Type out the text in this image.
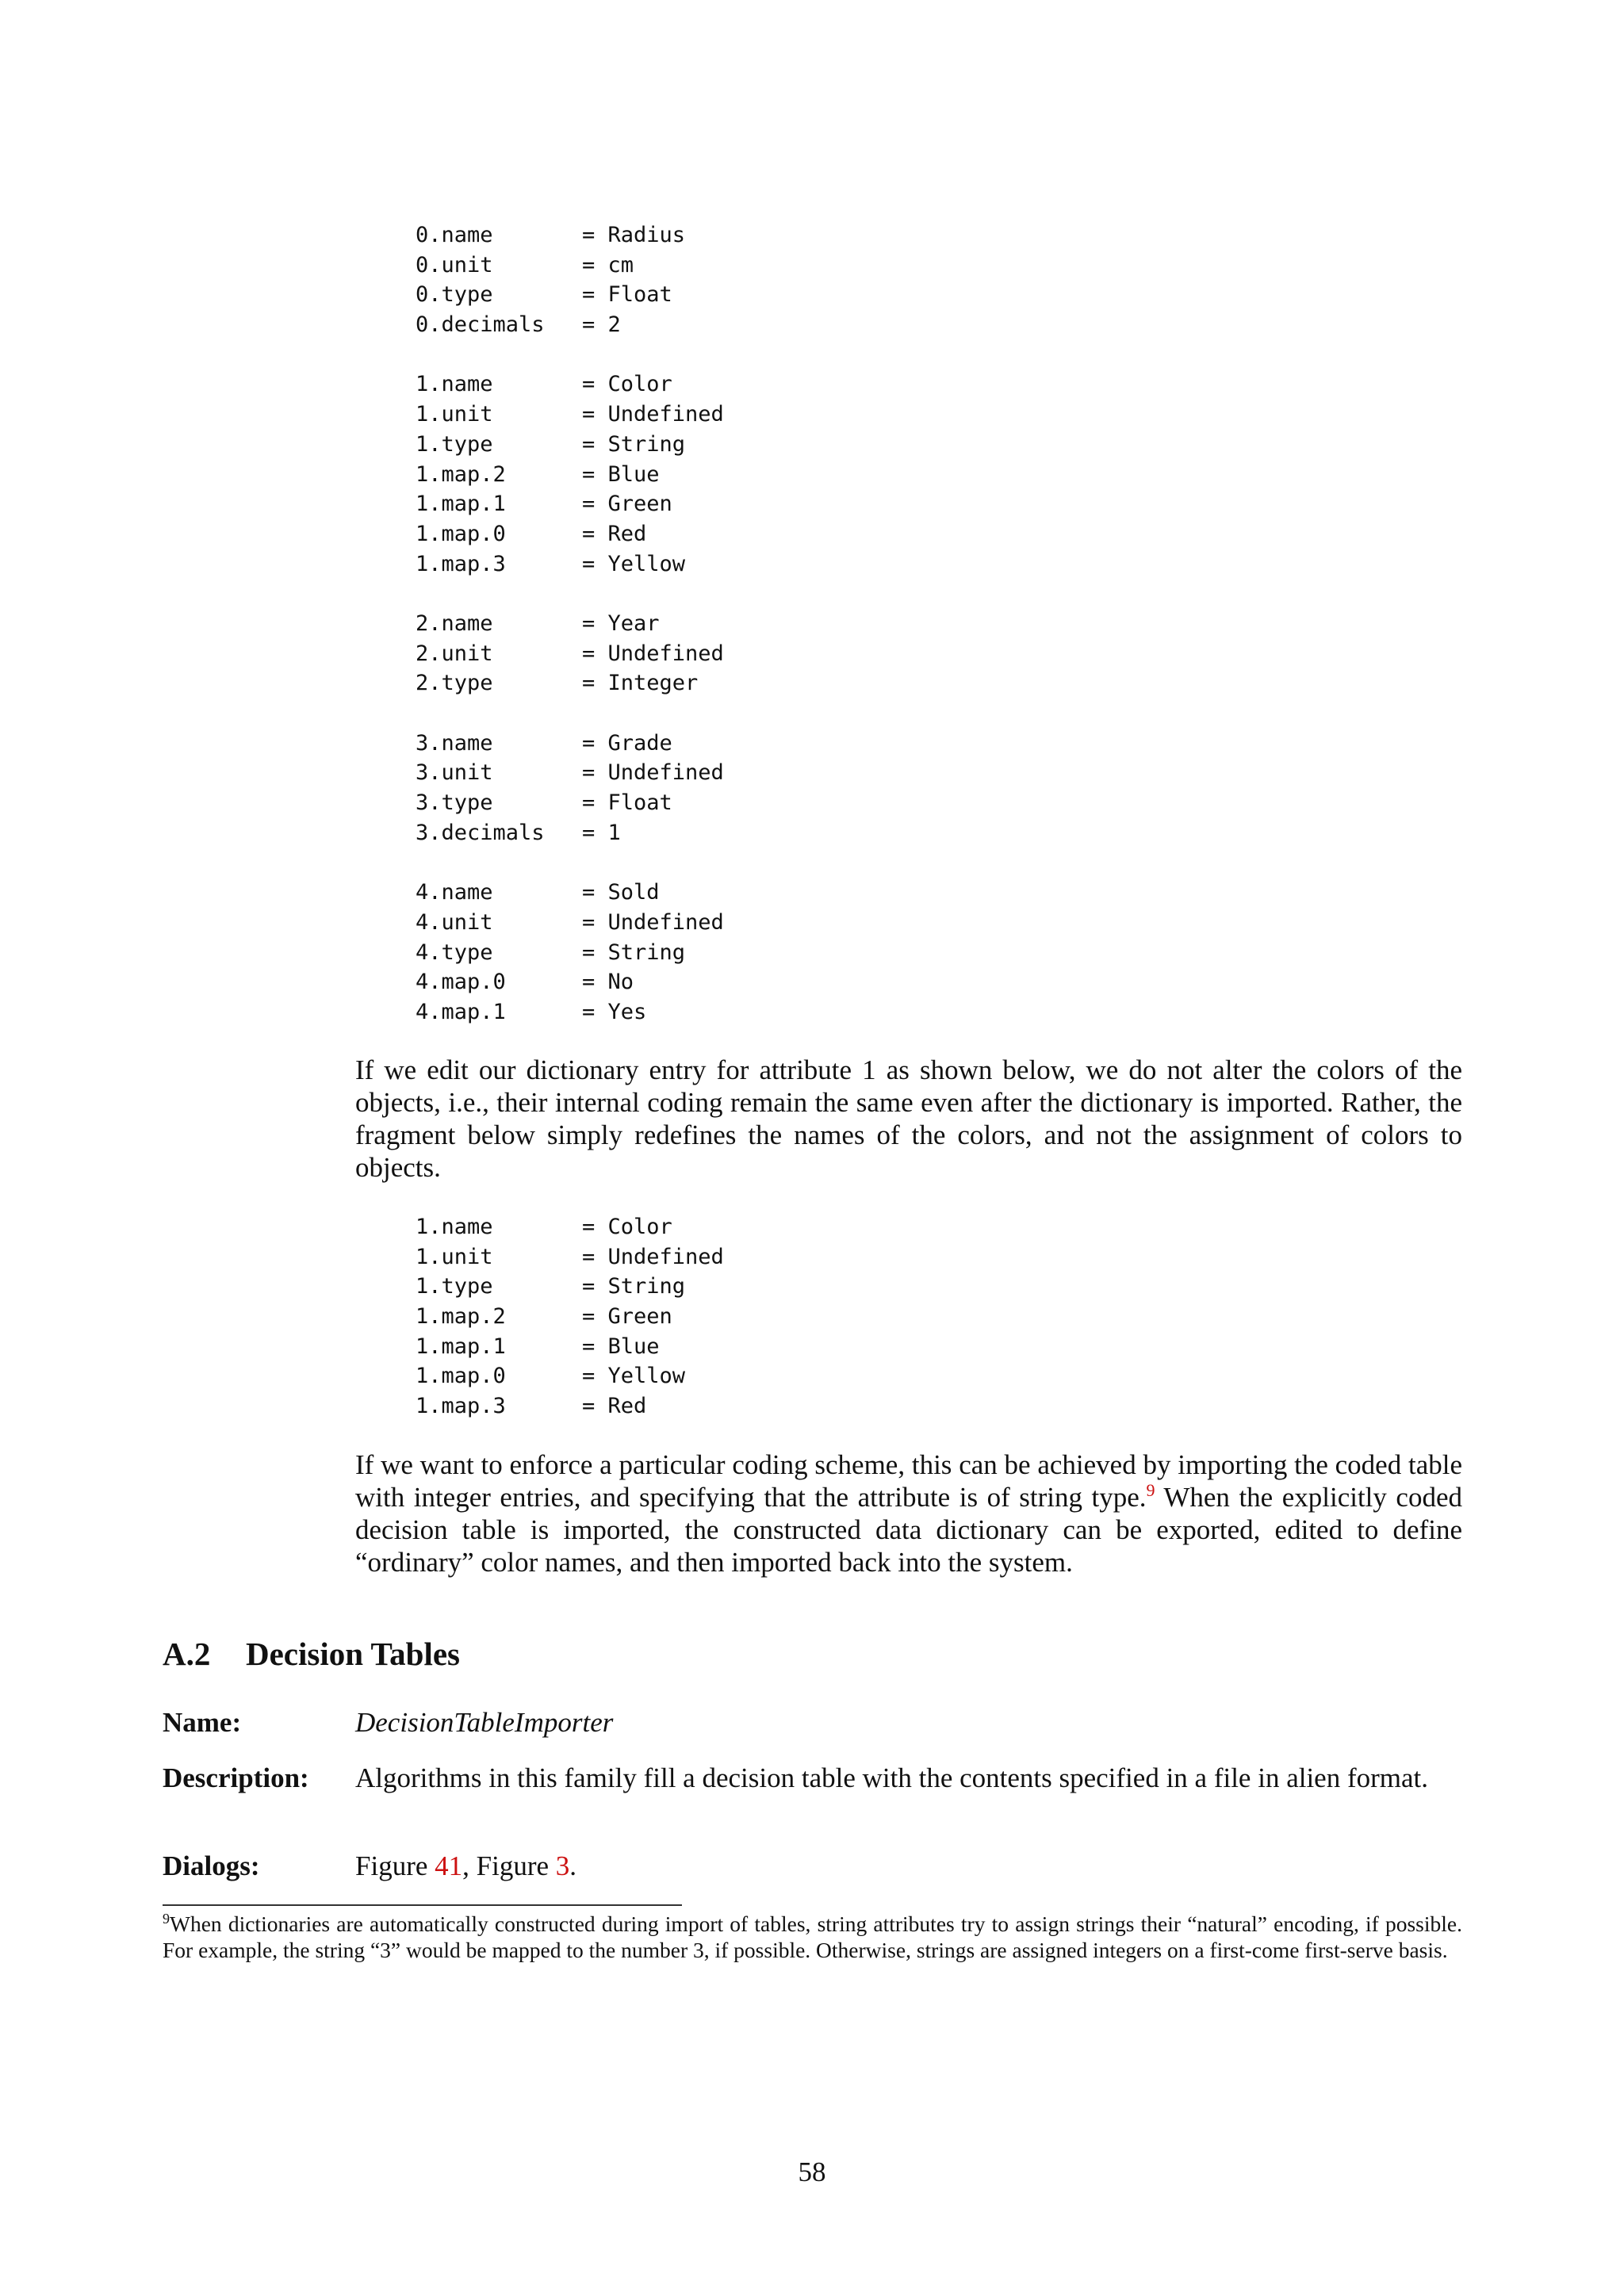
0.name	= Radius
0.unit	= cm
0.type	= Float
0.decimals = 2
1.name	= Color
1.unit	= Undefined
1.type	= String
1.map.2	= Blue
1.map.1	= Green
1.map.0	= Red
1.map.3	= Yellow
2.name	= Year
2.unit	= Undefined
2.type	= Integer
3.name	= Grade
3.unit	= Undefined
3.type	= Float
3.decimals = 1
4.name	= Sold
4.unit	= Undefined
4.type	= String
4.map.0	= No
4.map.1	= Yes

If we edit our dictionary entry for attribute 1 as shown below, we do not alter the colors of the objects, i.e., their internal coding remain the same even after the dictionary is imported. Rather, the fragment below simply redefines the names of the colors, and not the assignment of colors to objects.

1.name	= Color
1.unit	= Undefined
1.type	= String
1.map.2	= Green
1.map.1	= Blue
1.map.0	= Yellow
1.map.3	= Red

If we want to enforce a particular coding scheme, this can be achieved by importing the coded table with integer entries, and specifying that the attribute is of string type.$^9$ When the explicitly coded decision table is imported, the constructed data dictionary can be exported, edited to define “ordinary” color names, and then imported back into the system.

A.2 Decision Tables
Name:	DecisionTableImporter
Description: Algorithms in this family fill a decision table with the contents specified in a file in alien format.
Dialogs:	Figure 41, Figure 3.

$^9$When dictionaries are automatically constructed during import of tables, string attributes try to assign strings their “natural” encoding, if possible. For example, the string “3” would be mapped to the number 3, if possible. Otherwise, strings are assigned integers on a first-come first-serve basis.

58
